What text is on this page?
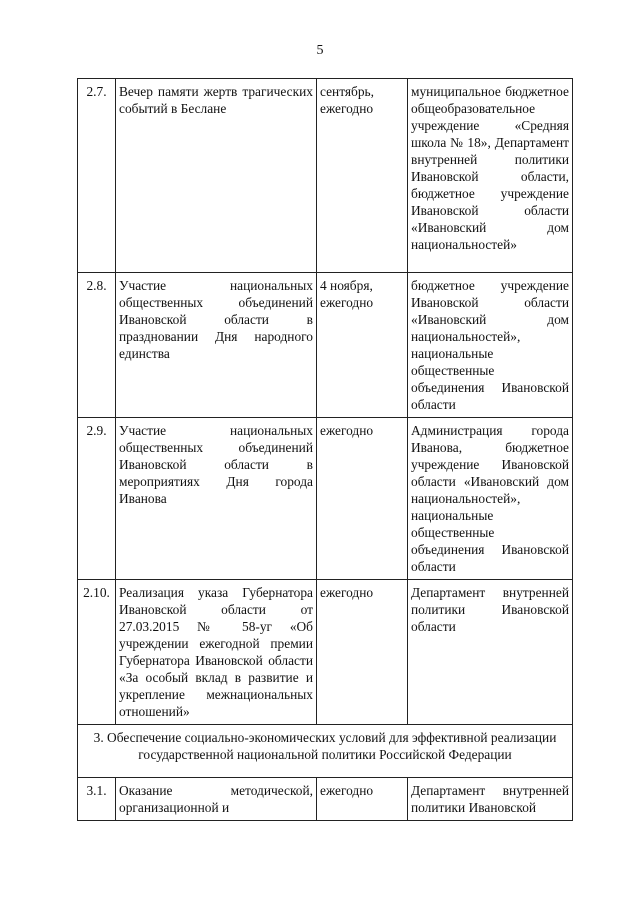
5
2.7.	Вечер памяти жертв трагических событий в Беслане	сентябрь, ежегодно	муниципальное бюджетное общеобразовательное учреждение «Средняя школа № 18», Департамент внутренней политики Ивановской области, бюджетное учреждение Ивановской области «Ивановский дом национальностей»
2.8.	Участие национальных общественных объединений Ивановской области в праздновании Дня народного единства	4 ноября, ежегодно	бюджетное учреждение Ивановской области «Ивановский дом национальностей», национальные общественные объединения Ивановской области
2.9.	Участие национальных общественных объединений Ивановской области в мероприятиях Дня города Иванова	ежегодно	Администрация города Иванова, бюджетное учреждение Ивановской области «Ивановский дом национальностей», национальные общественные объединения Ивановской области
2.10.	Реализация указа Губернатора Ивановской области от 27.03.2015 № 58-уг «Об учреждении ежегодной премии Губернатора Ивановской области «За особый вклад в развитие и укрепление межнациональных отношений»	ежегодно	Департамент внутренней политики Ивановской области
3. Обеспечение социально-экономических условий для эффективной реализации государственной национальной политики Российской Федерации			
3.1.	Оказание методической, организационной и	ежегодно	Департамент внутренней политики Ивановской
